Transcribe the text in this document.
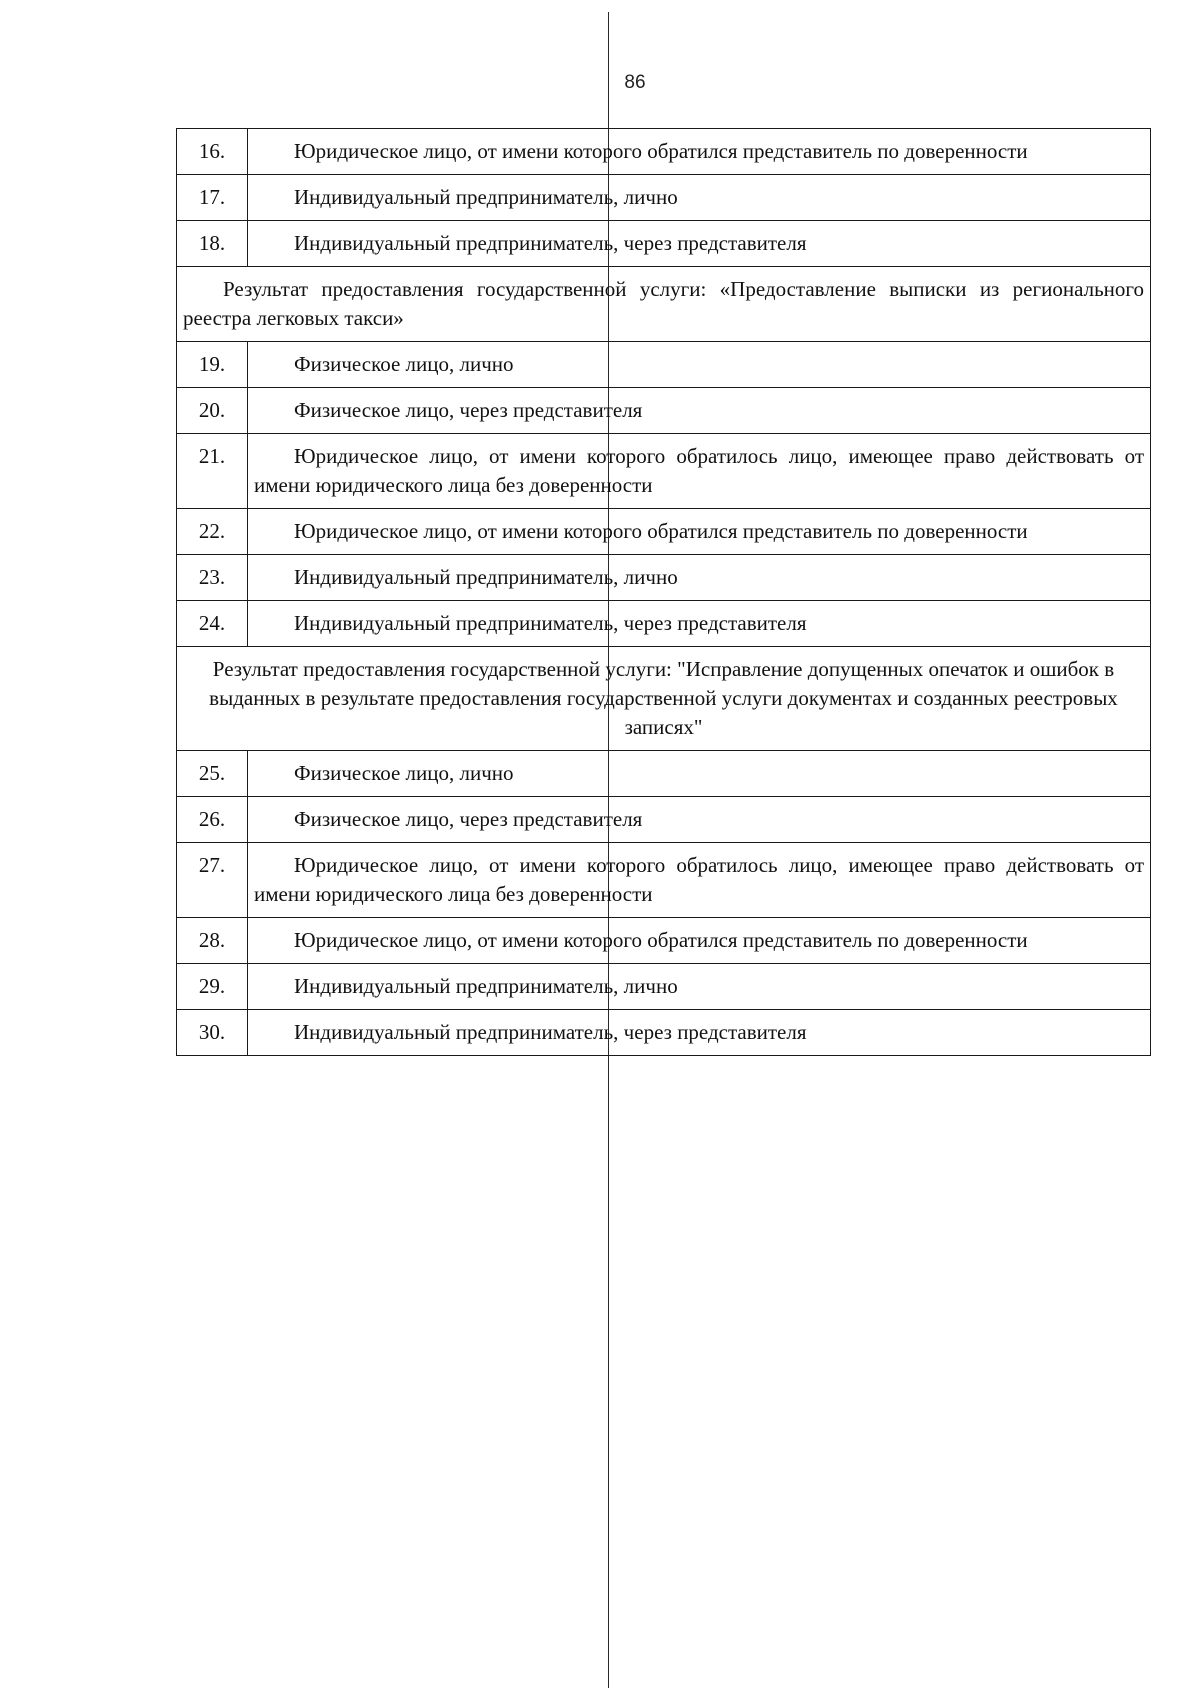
86
16.	Юридическое лицо, от имени которого обратился представитель по доверенности
17.	Индивидуальный предприниматель, лично
18.	Индивидуальный предприниматель, через представителя
Результат предоставления государственной услуги: «Предоставление выписки из регионального реестра легковых такси»	
19.	Физическое лицо, лично
20.	Физическое лицо, через представителя
21.	Юридическое лицо, от имени которого обратилось лицо, имеющее право действовать от имени юридического лица без доверенности
22.	Юридическое лицо, от имени которого обратился представитель по доверенности
23.	Индивидуальный предприниматель, лично
24.	Индивидуальный предприниматель, через представителя
Результат предоставления государственной услуги: "Исправление допущенных опечаток и ошибок в выданных в результате предоставления государственной услуги документах и созданных реестровых записях"	
25.	Физическое лицо, лично
26.	Физическое лицо, через представителя
27.	Юридическое лицо, от имени которого обратилось лицо, имеющее право действовать от имени юридического лица без доверенности
28.	Юридическое лицо, от имени которого обратился представитель по доверенности
29.	Индивидуальный предприниматель, лично
30.	Индивидуальный предприниматель, через представителя
